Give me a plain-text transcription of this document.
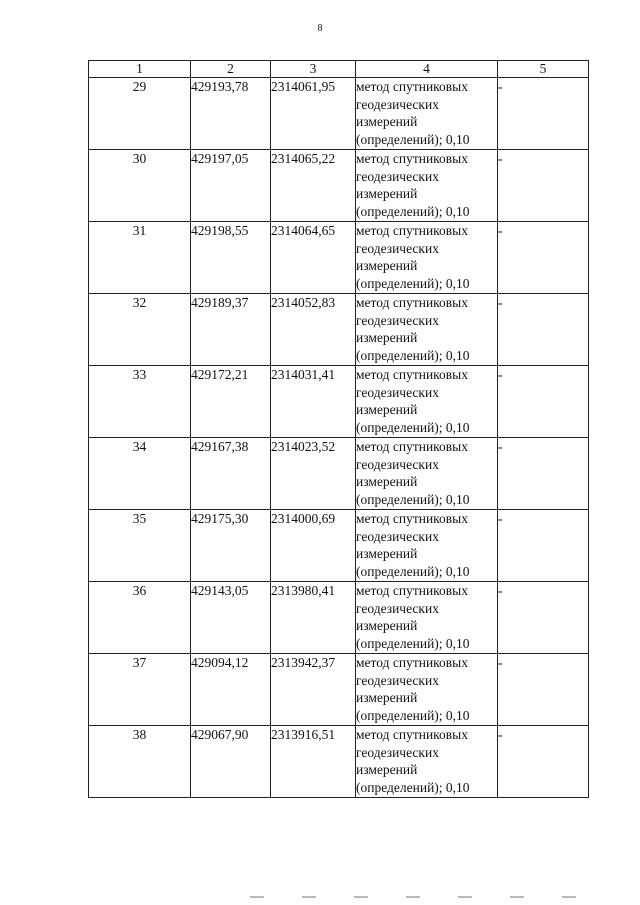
8
1	2	3	4	5
29	429193,78	2314061,95	метод спутниковых
геодезических
измерений
(определений); 0,10	-
30	429197,05	2314065,22	метод спутниковых
геодезических
измерений
(определений); 0,10	-
31	429198,55	2314064,65	метод спутниковых
геодезических
измерений
(определений); 0,10	-
32	429189,37	2314052,83	метод спутниковых
геодезических
измерений
(определений); 0,10	-
33	429172,21	2314031,41	метод спутниковых
геодезических
измерений
(определений); 0,10	-
34	429167,38	2314023,52	метод спутниковых
геодезических
измерений
(определений); 0,10	-
35	429175,30	2314000,69	метод спутниковых
геодезических
измерений
(определений); 0,10	-
36	429143,05	2313980,41	метод спутниковых
геодезических
измерений
(определений); 0,10	-
37	429094,12	2313942,37	метод спутниковых
геодезических
измерений
(определений); 0,10	-
38	429067,90	2313916,51	метод спутниковых
геодезических
измерений
(определений); 0,10	-
